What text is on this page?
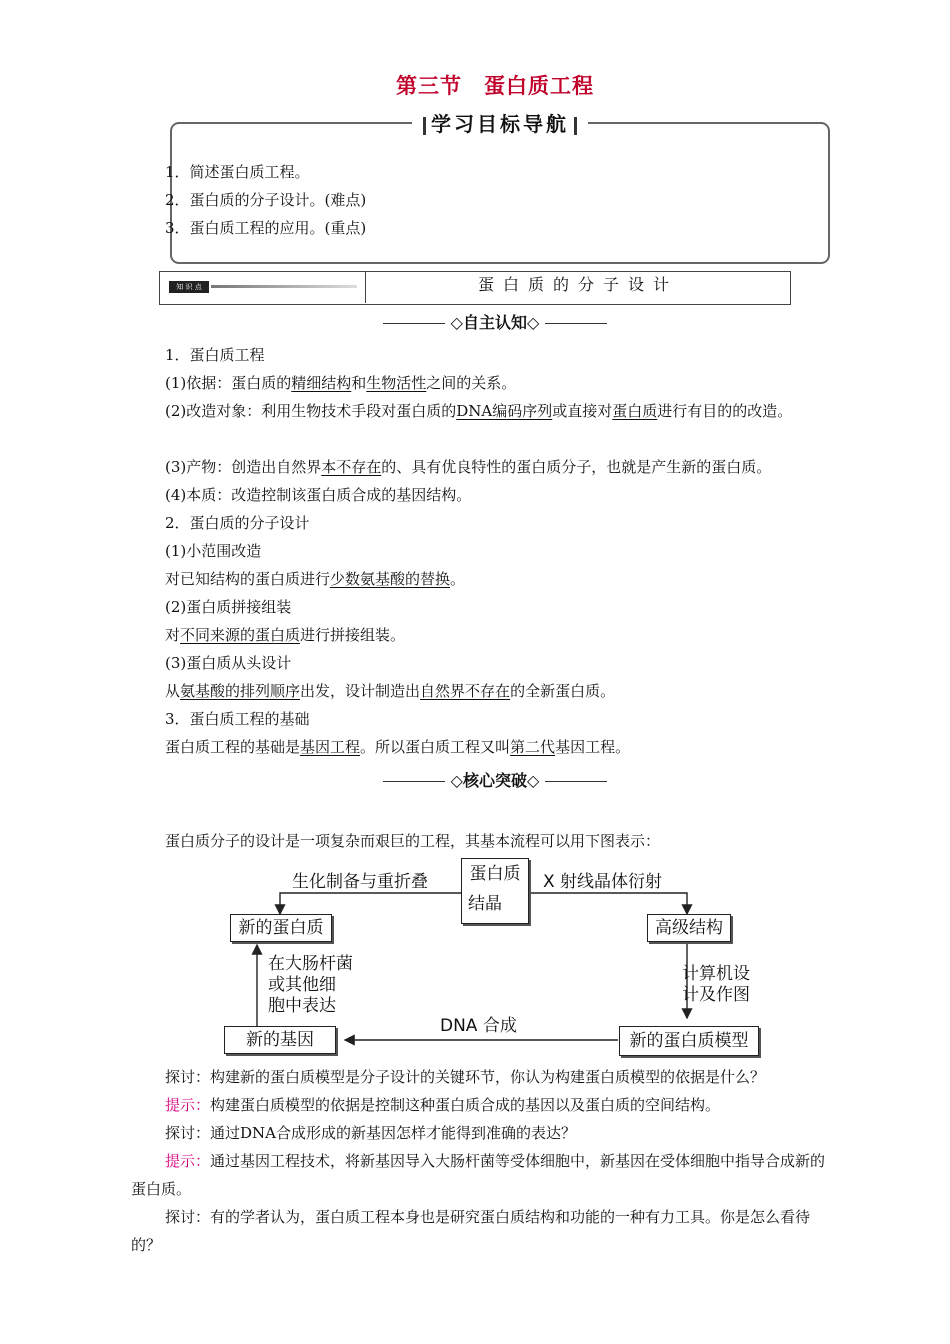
第三节　蛋白质工程
学习目标导航
1．简述蛋白质工程。
2．蛋白质的分子设计。(难点)
3．蛋白质工程的应用。(重点)
知 识 点	蛋白质的分子设计
◇自主认知◇
1．蛋白质工程
(1)依据：蛋白质的精细结构和生物活性之间的关系。
(2)改造对象：利用生物技术手段对蛋白质的DNA编码序列或直接对蛋白质进行有目的的改造。
(3)产物：创造出自然界本不存在的、具有优良特性的蛋白质分子，也就是产生新的蛋白质。
(4)本质：改造控制该蛋白质合成的基因结构。
2．蛋白质的分子设计
(1)小范围改造
对已知结构的蛋白质进行少数氨基酸的替换。
(2)蛋白质拼接组装
对不同来源的蛋白质进行拼接组装。
(3)蛋白质从头设计
从氨基酸的排列顺序出发，设计制造出自然界不存在的全新蛋白质。
3．蛋白质工程的基础
蛋白质工程的基础是基因工程。所以蛋白质工程又叫第二代基因工程。
◇核心突破◇
蛋白质分子的设计是一项复杂而艰巨的工程，其基本流程可以用下图表示：
蛋白质
结晶
新的蛋白质	高级结构
新的基因	新的蛋白质模型
生化制备与重折叠	X 射线晶体衍射
计算机设
计及作图
DNA 合成
在大肠杆菌
或其他细
胞中表达
探讨：构建新的蛋白质模型是分子设计的关键环节，你认为构建蛋白质模型的依据是什么？
提示：构建蛋白质模型的依据是控制这种蛋白质合成的基因以及蛋白质的空间结构。
探讨：通过DNA合成形成的新基因怎样才能得到准确的表达？
提示：通过基因工程技术，将新基因导入大肠杆菌等受体细胞中，新基因在受体细胞中指导合成新的蛋白质。
探讨：有的学者认为，蛋白质工程本身也是研究蛋白质结构和功能的一种有力工具。你是怎么看待的？
